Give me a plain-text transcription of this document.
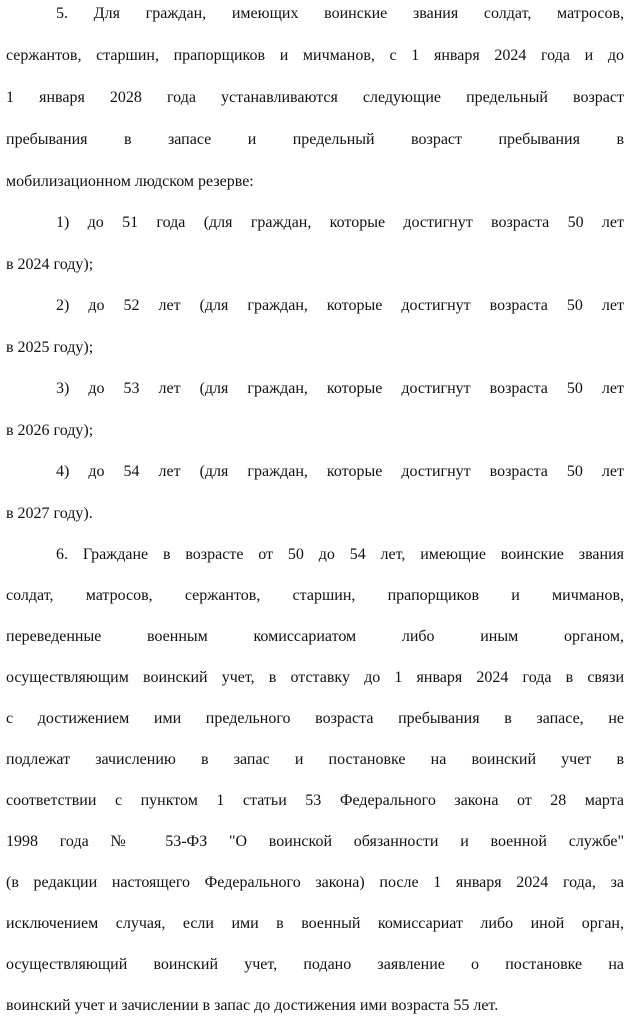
5. Для граждан, имеющих воинские звания солдат, матросов,
сержантов, старшин, прапорщиков и мичманов, с 1 января 2024 года и до
1 января 2028 года устанавливаются следующие предельный возраст
пребывания в запасе и предельный возраст пребывания в
мобилизационном людском резерве:
1) до 51 года (для граждан, которые достигнут возраста 50 лет
в 2024 году);
2) до 52 лет (для граждан, которые достигнут возраста 50 лет
в 2025 году);
3) до 53 лет (для граждан, которые достигнут возраста 50 лет
в 2026 году);
4) до 54 лет (для граждан, которые достигнут возраста 50 лет
в 2027 году).
6. Граждане в возрасте от 50 до 54 лет, имеющие воинские звания
солдат, матросов, сержантов, старшин, прапорщиков и мичманов,
переведенные военным комиссариатом либо иным органом,
осуществляющим воинский учет, в отставку до 1 января 2024 года в связи
с достижением ими предельного возраста пребывания в запасе, не
подлежат зачислению в запас и постановке на воинский учет в
соответствии с пунктом 1 статьи 53 Федерального закона от 28 марта
1998 года № 53-ФЗ "О воинской обязанности и военной службе"
(в редакции настоящего Федерального закона) после 1 января 2024 года, за
исключением случая, если ими в военный комиссариат либо иной орган,
осуществляющий воинский учет, подано заявление о постановке на
воинский учет и зачислении в запас до достижения ими возраста 55 лет.
